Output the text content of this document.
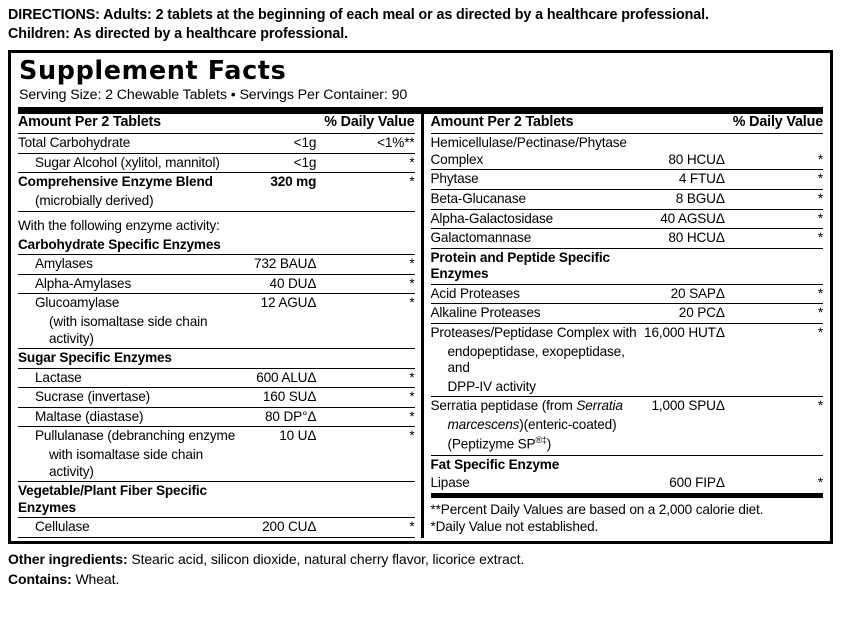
DIRECTIONS: Adults: 2 tablets at the beginning of each meal or as directed by a healthcare professional.
Children: As directed by a healthcare professional.
Supplement Facts
Serving Size: 2 Chewable Tablets • Servings Per Container: 90
Amount Per 2 Tablets		% Daily Value
Total Carbohydrate	<1g	<1%**
Sugar Alcohol (xylitol, mannitol)	<1g	*
Comprehensive Enzyme Blend	320 mg	*
(microbially derived)		

With the following enzyme activity:		
Carbohydrate Specific Enzymes		
Amylases	732 BAUΔ	*
Alpha-Amylases	40 DUΔ	*
Glucoamylase	12 AGUΔ	*
(with isomaltase side chain activity)		
Sugar Specific Enzymes		
Lactase	600 ALUΔ	*
Sucrase (invertase)	160 SUΔ	*
Maltase (diastase)	80 DP°Δ	*
Pullulanase (debranching enzyme	10 UΔ	*
with isomaltase side chain activity)		
Vegetable/Plant Fiber Specific Enzymes		
Cellulase	200 CUΔ	*
Amount Per 2 Tablets		% Daily Value
Hemicellulase/Pectinase/Phytase Complex	80 HCUΔ	*
Phytase	4 FTUΔ	*
Beta-Glucanase	8 BGUΔ	*
Alpha-Galactosidase	40 AGSUΔ	*
Galactomannase	80 HCUΔ	*
Protein and Peptide Specific Enzymes		
Acid Proteases	20 SAPΔ	*
Alkaline Proteases	20 PCΔ	*
Proteases/Peptidase Complex with	16,000 HUTΔ	*
endopeptidase, exopeptidase, and		
DPP-IV activity		
Serratia peptidase (from Serratia	1,000 SPUΔ	*
marcescens)(enteric-coated)		
(Peptizyme SP®‡)		
Fat Specific Enzyme		
Lipase	600 FIPΔ	*
**Percent Daily Values are based on a 2,000 calorie diet.
*Daily Value not established.
Other ingredients: Stearic acid, silicon dioxide, natural cherry flavor, licorice extract.
Contains: Wheat.
